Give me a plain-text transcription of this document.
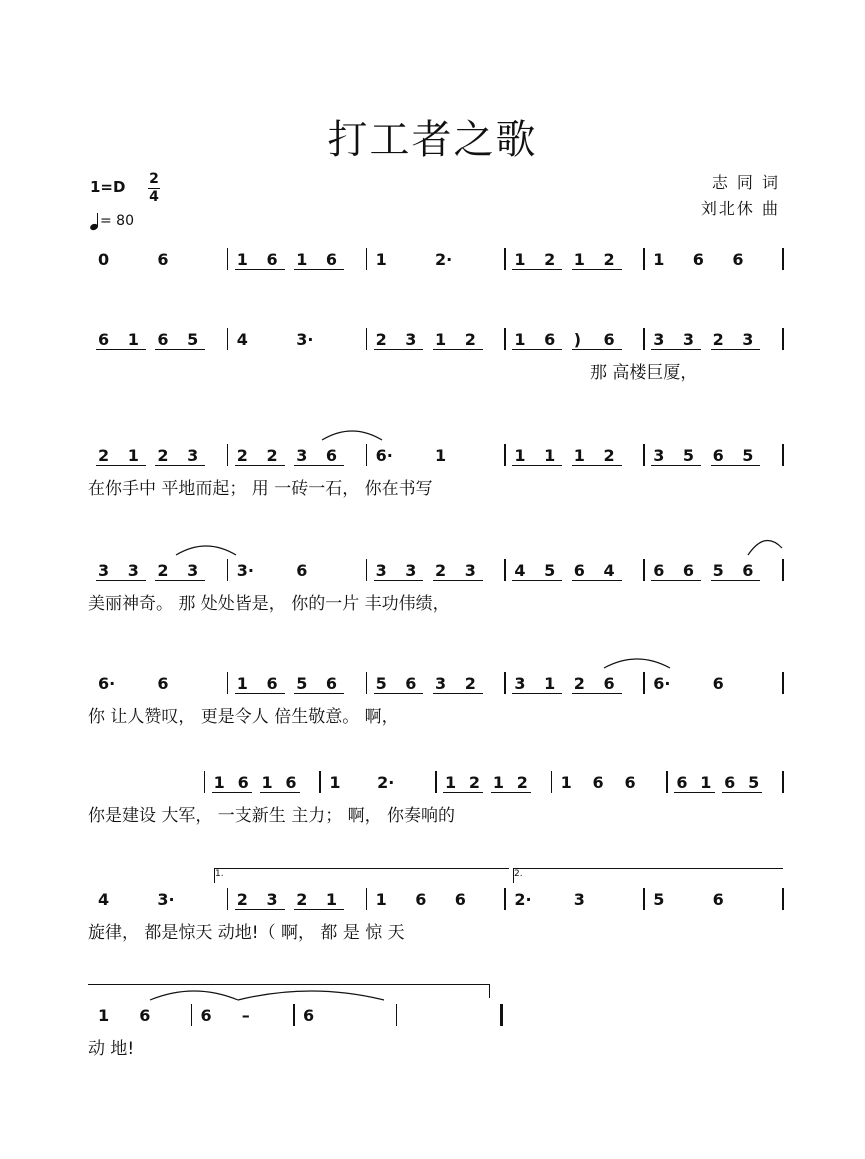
打工者之歌
1=D 2
4
= 80
志 同 词
刘北休 曲
0	6	1 6 1 6 1	2·	1 2 1 2 1 6 6
6 1 6 5 4	3·	2 3 1 2 1 6 ) 6 3 3 2 3
那 高楼巨厦，
2 1 2 3 2 2 3 6 6·	1	1 1 1 2 3 5 6 5
在你手中 平地而起； 用 一砖一石， 你在书写
3 3 2 3 3·	6	3 3 2 3 4 5 6 4 6 6 5 6
美丽神奇。 那 处处皆是， 你的一片 丰功伟绩，
6·	6	1 6 5 6 5 6 3 2 3 1 2 6 6·	6
你 让人赞叹， 更是令人 倍生敬意。 啊，
1 6 1 6 1 2·	1 2 1 2 1 6 6	6 1 6 5
你是建设 大军， 一支新生 主力； 啊， 你奏响的
4	3·	2 3 2 1 1 6 6	2·	3	5	6
旋律， 都是惊天 动地!（ 啊， 都 是 惊 天
1 6	6 –	6
动 地!
1.	2.
